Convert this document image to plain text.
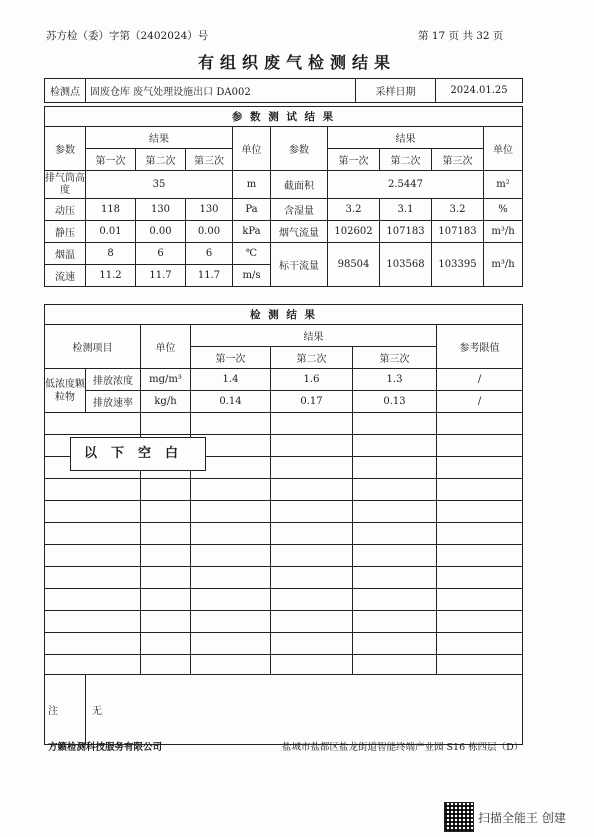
苏方检（委）字第（2402024）号	第 17 页 共 32 页
有组织废气检测结果
检测点	固废仓库 废气处理设施出口 DA002	采样日期	2024.01.25
参 数 测 试 结 果									
参数	结果			单位	参数	结果			单位
	第一次	第二次	第三次			第一次	第二次	第三次	
排气筒高度	35			m	截面积	2.5447			m²
动压	118	130	130	Pa	含湿量	3.2	3.1	3.2	%
静压	0.01	0.00	0.00	kPa	烟气流量	102602	107183	107183	m³/h
烟温	8	6	6	℃	标干流量	98504	103568	103395	m³/h
流速	11.2	11.7	11.7	m/s					
检 测 结 果						
检测项目		单位	结果			参考限值
			第一次	第二次	第三次	
低浓度颗粒物	排放浓度	mg/m³	1.4	1.6	1.3	/
	排放速率	kg/h	0.14	0.17	0.13	/

注	无					
以下空白
方籁检测科技服务有限公司	盐城市盐都区盐龙街道智能终端产业园 S16 栋四层（D）
扫描全能王 创建
